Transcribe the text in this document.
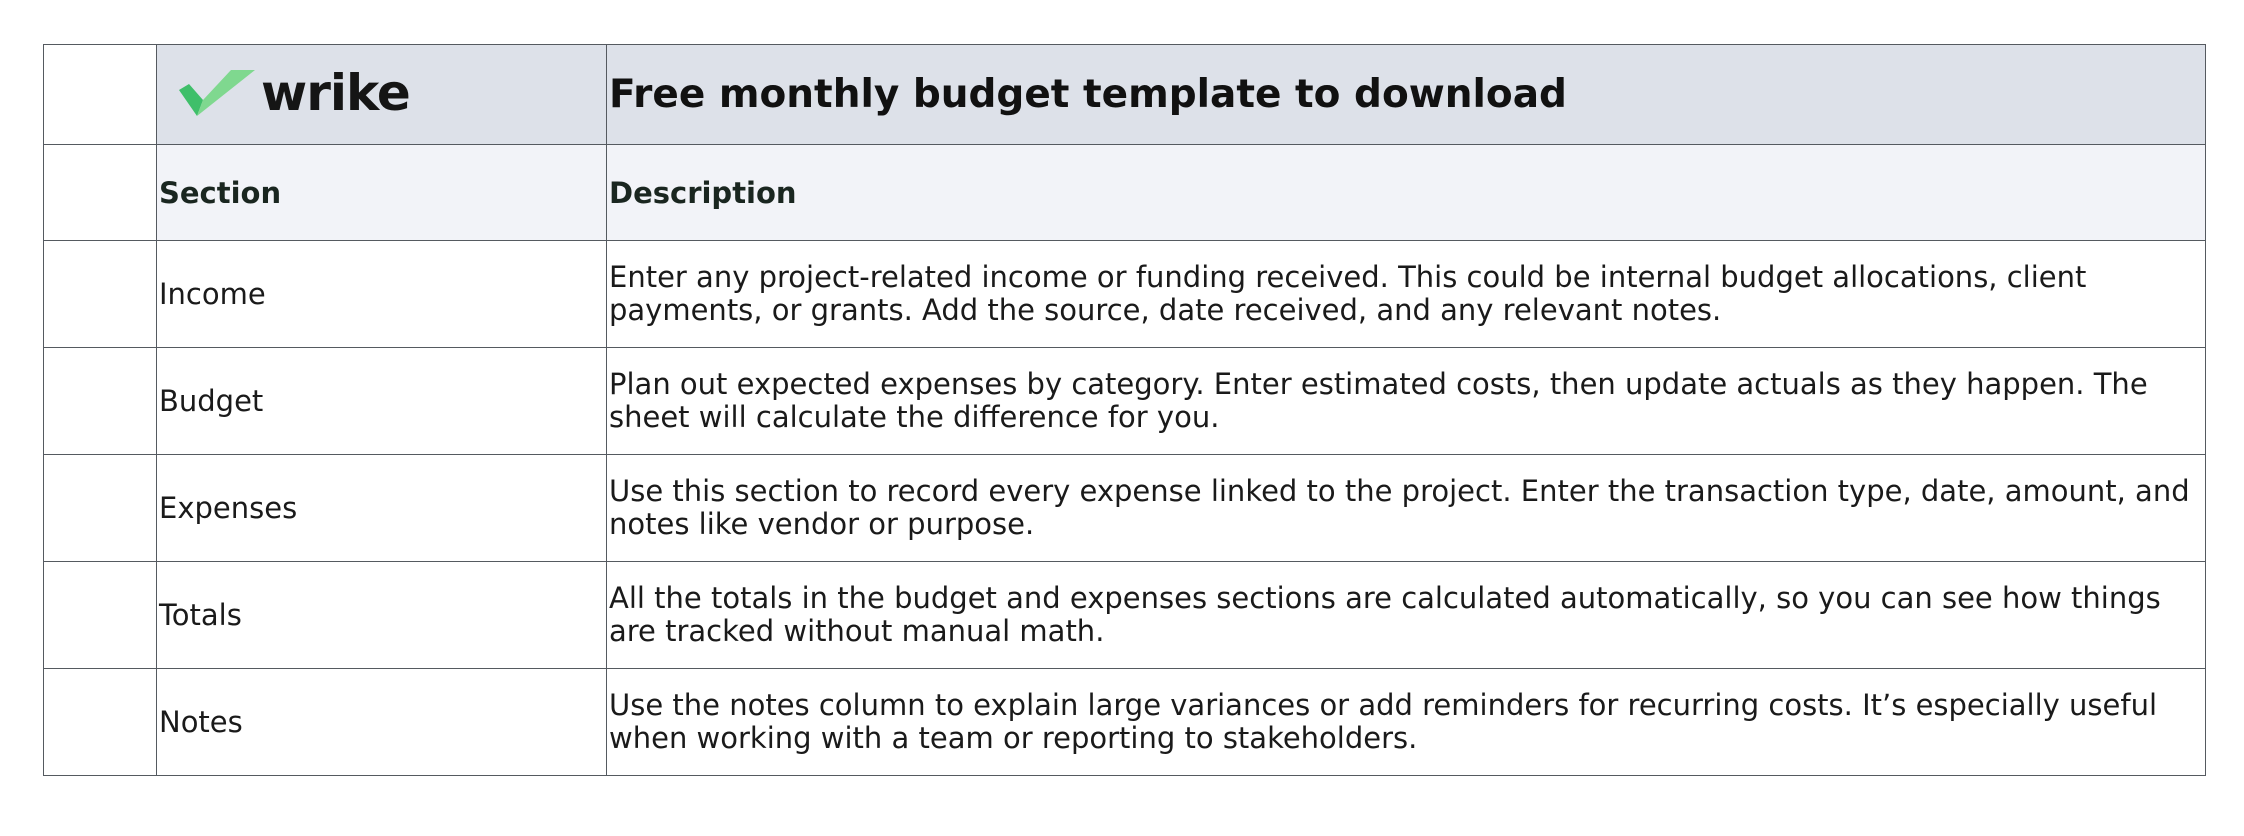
	wrike	Free monthly budget template to download
	Section	Description
	Income	Enter any project-related income or funding received. This could be internal budget allocations, client payments, or grants. Add the source, date received, and any relevant notes.

	Budget	Plan out expected expenses by category. Enter estimated costs, then update actuals as they happen. The sheet will calculate the difference for you.

	Expenses	Use this section to record every expense linked to the project. Enter the transaction type, date, amount, and notes like vendor or purpose.

	Totals	All the totals in the budget and expenses sections are calculated automatically, so you can see how things are tracked without manual math.

	Notes	Use the notes column to explain large variances or add reminders for recurring costs. It’s especially useful when working with a team or reporting to stakeholders.
